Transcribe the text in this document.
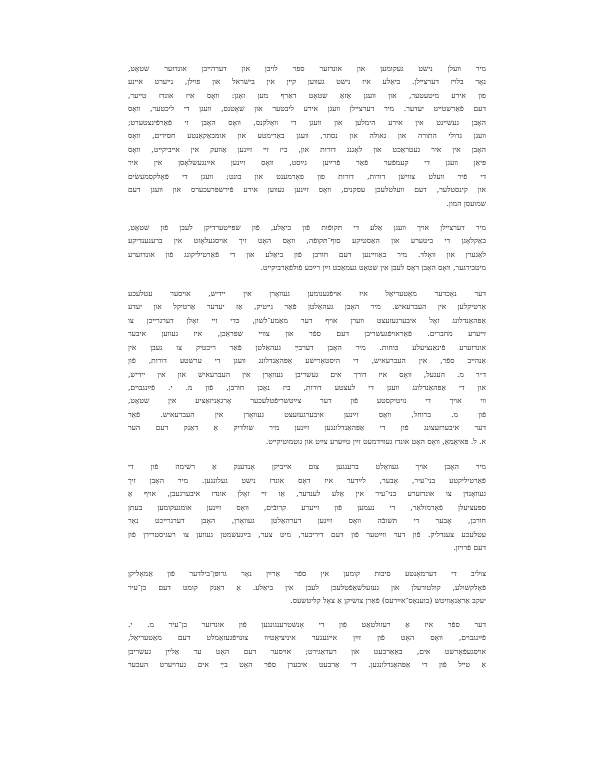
מיר װעלן נישט געקומען און אונדזער ספר לױבן און דערהײבן אונדזער שטאָט,
נאָר בלױז דערצײלן. ביאַלע איז נישט געװען קײן אין בישראל און פױלן, נײערט אײנע
פון אירע מיטעטער, און װעגן אַזאַ שטאָט דאַרף מען זאָגן: װאָס איז אונדז טײער,
דעם פֿאַרשטײט יעדער. מיר דערצײלן װעגן אירע ליבטער און שאָטנס, װעגן די ליכטער, װאָס
האָבן געשײנט אין אירע הימלען און װעגן די װאָלקנס, װאָס האָבן זי פֿאַרפֿינצטערט;
װעגן גדולי התורה און גאולה און נסתר, װעגן באַרימטע און אומבאַקאַנטע חסידים, װאָס
האָבן אין איר געטראַכט און לאָגנג דורות און, ביז זײ זײַנען אַװעק אין אײביקײט, װאָס
פּיאַן װעגן די קעמפֿער פֿאַר פֿרײַען גײַסט, װאָס זײַנען אײַנגעשלאָסן אין איר
די פֿיר װעלט צװישן דורות, דורות פון פאָרמענט און בונט; װעגן די פֿאָלקסמעשׂים
און קינסטלער, דעם װעלטלעכן עסקנים, װאָס זײַנען געװען אירע פֿירשפּרעכערס און װעגן דעם
שמועסן המון.
מיר דערצײלן אױך װעגן אַלע די תּקופֿות פֿון ביאַלע, פֿון שפּײטערדיקן לעבן פֿון שטאָט,
באַקלאָגן די ביטערע און האַסטיקע סוף־תּקופֿה, װאָס האָט זיך אױסגעלאָזט אין ברענענדיקע
לאַגערן און װאָלד. מיר באַװײנען דעם חורבן פֿון ביאַלע און די פֿאַרטיליקונג פֿון אונדזערע
מיטבירגער, װאָס האָבן דאָס לעבן אין שטאָט געמאַכט זײַן רײַכע פֿולפֿאַרביקײט.
דער נאָכדער מאַטעריאַל איז אױפֿגענומען געװאָרן אין יידיש, אױסער עטלעכע
אַרטיקלען אין העברעאיש. מיר האָבן געהאַלטן פֿאַר נײטיק, אַז יעדער אַרטיקל און יעדע
אַפּהאַנדלונג זאָל איבערגעזעצט װערן אױף דער מאַמע־לשון, כּדי זײ זאָלן דערגרײכן צו
זײערע מחברים. פֿאַראױפֿגעשריבן דעם ספֿר און צװײ שפּראַכן, איז געװען איבער
אונדזערע פֿינאַנציעלע כּוחות. מיר האָבן דערבײַ געהאַלטן פֿאַר ריכטיק צו געבן אין
אַנהײב ספֿר, אין העברעאיש, די היסטאָרישע אַפּהאַנדלונג װעגן די ערשטע דורות, פֿון
ד״ר מ. העגעל, װאָס איז דורך אים געשריבן געװאָרן אין העברעאיש און אין יידיש,
און די אַפּהאַנדלונג װעגן די לעצטע דורות, ביז נאָכן חורבן, פֿון מ. י. פֿײַנגבױם,
װי אױך די נױטיקסטע פֿון דער צײַטשריפֿטלעכער אָרגאַניזאַציע אין שטאָט,
פֿון מ. ברוחל, װאָס זײַנען איבערגעזעצט געװאָרן אין העברעאיש. פֿאַר
דער איבערזעצונג פֿון די אַפּהאַנדלונגען זײַנען מיר שולדיק אַ דאַנק דעם הער
א. ל. פּאיאַמאַ, װאָס האָט אונדז געװידמעט זײַן טײַערע צײַט און גוטמוטיקײט.
מיר האָבן אױך געװאָלט ברענגען צום אײביקן אָנדענק אַ רשימה פֿון די
פֿאַרטיליקטע בני־עיר, אָבער, לײַדער איז דאָס אונדז נישט געלונגען. מיר האָבן זיך
געװאָנדן צו אונדזערע בני־עיר אין אַלע לענדער, אַז זײ זאָלן אונדז איבערגעבן, אױף אַ
ספּעציעלן פֿאָרמולאַר, די נעמען פֿון זײערע קרובֿים, װאָס זײַנען אומגעקומען בעתן
חורבן, אָבער די תּשובֿה װאָס זײַנען דערהאַלטן געװאָרן, האָבן דערגרײכט נאָר
עטלעכע צענדליק. פֿון דער װײַטער פֿון דעם דיריבער, מיט צער, בײַגעשמטן געװען צו רעגיסטרירן פֿון
דעם פֿרױזן.
צוליב די דערמאָנטע סיבות קומען אין ספֿר אַרײַן נאָר גרופּן־בילדער פֿון אַמאָליקן
פֿאָלקשולע, קולטורעלן און געזעלשאַפֿטלעכן לעבן אין ביאַלע. אַ דאַנק קומט דעם בן־עיר
יעקב אַראַנאָװיטש (בוענאָס־אײַרעס) פֿאַרן צושיקן אַ צאָל קליטשעס.
דער ספֿר איז אַ רעזולטאַט פֿון די אָנשטרענגונגען פֿון אונדזער בן־עיר מ. י.
פֿײַנגבױם, װאָס האָט פֿון זײַן אײגענער איניציאַטיװ צונױפֿגעזאַמלט דעם מאַטעריאַל,
אױסגעפֿאָרשט אים, באַאַרבעט און רעדאַגירט; אױסער דעם האָט ער אַלײן געשריבן
אַ טײל פֿון די אַפּהאַנדלונגען. די אַרבעט איבערן ספֿר האָט בײַ אים געדױערט העכער
